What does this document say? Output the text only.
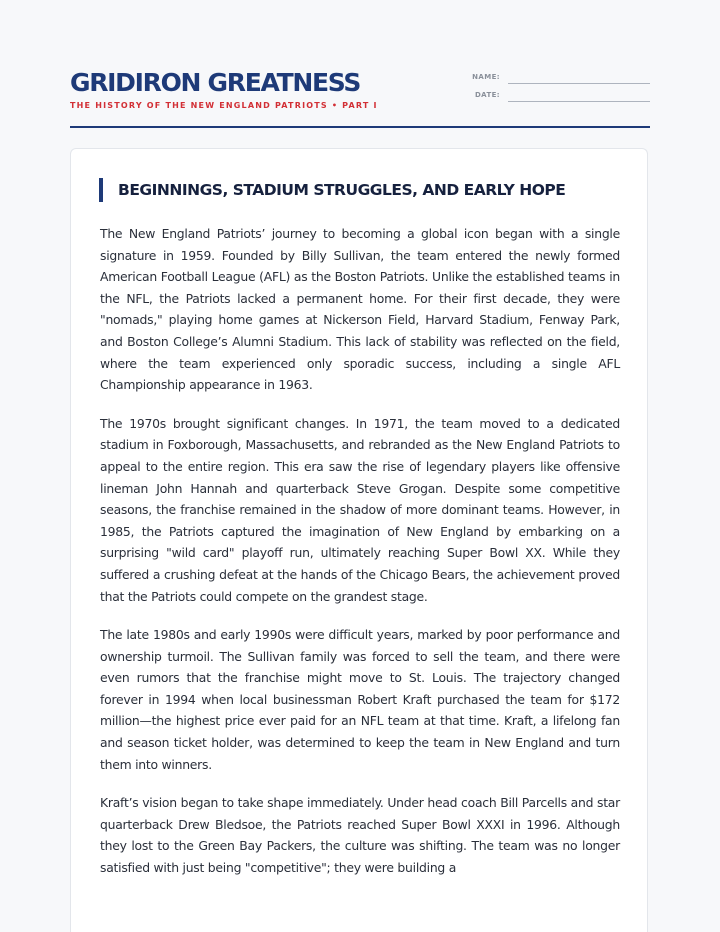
GRIDIRON GREATNESS
THE HISTORY OF THE NEW ENGLAND PATRIOTS • PART I
NAME:
DATE:
BEGINNINGS, STADIUM STRUGGLES, AND EARLY HOPE

The New England Patriots’ journey to becoming a global icon began with a single signature in 1959. Founded by Billy Sullivan, the team entered the newly formed American Football League (AFL) as the Boston Patriots. Unlike the established teams in the NFL, the Patriots lacked a permanent home. For their first decade, they were "nomads," playing home games at Nickerson Field, Harvard Stadium, Fenway Park, and Boston College’s Alumni Stadium. This lack of stability was reflected on the field, where the team experienced only sporadic success, including a single AFL Championship appearance in 1963.

The 1970s brought significant changes. In 1971, the team moved to a dedicated stadium in Foxborough, Massachusetts, and rebranded as the New England Patriots to appeal to the entire region. This era saw the rise of legendary players like offensive lineman John Hannah and quarterback Steve Grogan. Despite some competitive seasons, the franchise remained in the shadow of more dominant teams. However, in 1985, the Patriots captured the imagination of New England by embarking on a surprising "wild card" playoff run, ultimately reaching Super Bowl XX. While they suffered a crushing defeat at the hands of the Chicago Bears, the achievement proved that the Patriots could compete on the grandest stage.

The late 1980s and early 1990s were difficult years, marked by poor performance and ownership turmoil. The Sullivan family was forced to sell the team, and there were even rumors that the franchise might move to St. Louis. The trajectory changed forever in 1994 when local businessman Robert Kraft purchased the team for $172 million—the highest price ever paid for an NFL team at that time. Kraft, a lifelong fan and season ticket holder, was determined to keep the team in New England and turn them into winners.

Kraft’s vision began to take shape immediately. Under head coach Bill Parcells and star quarterback Drew Bledsoe, the Patriots reached Super Bowl XXXI in 1996. Although they lost to the Green Bay Packers, the culture was shifting. The team was no longer satisfied with just being "competitive"; they were building a
